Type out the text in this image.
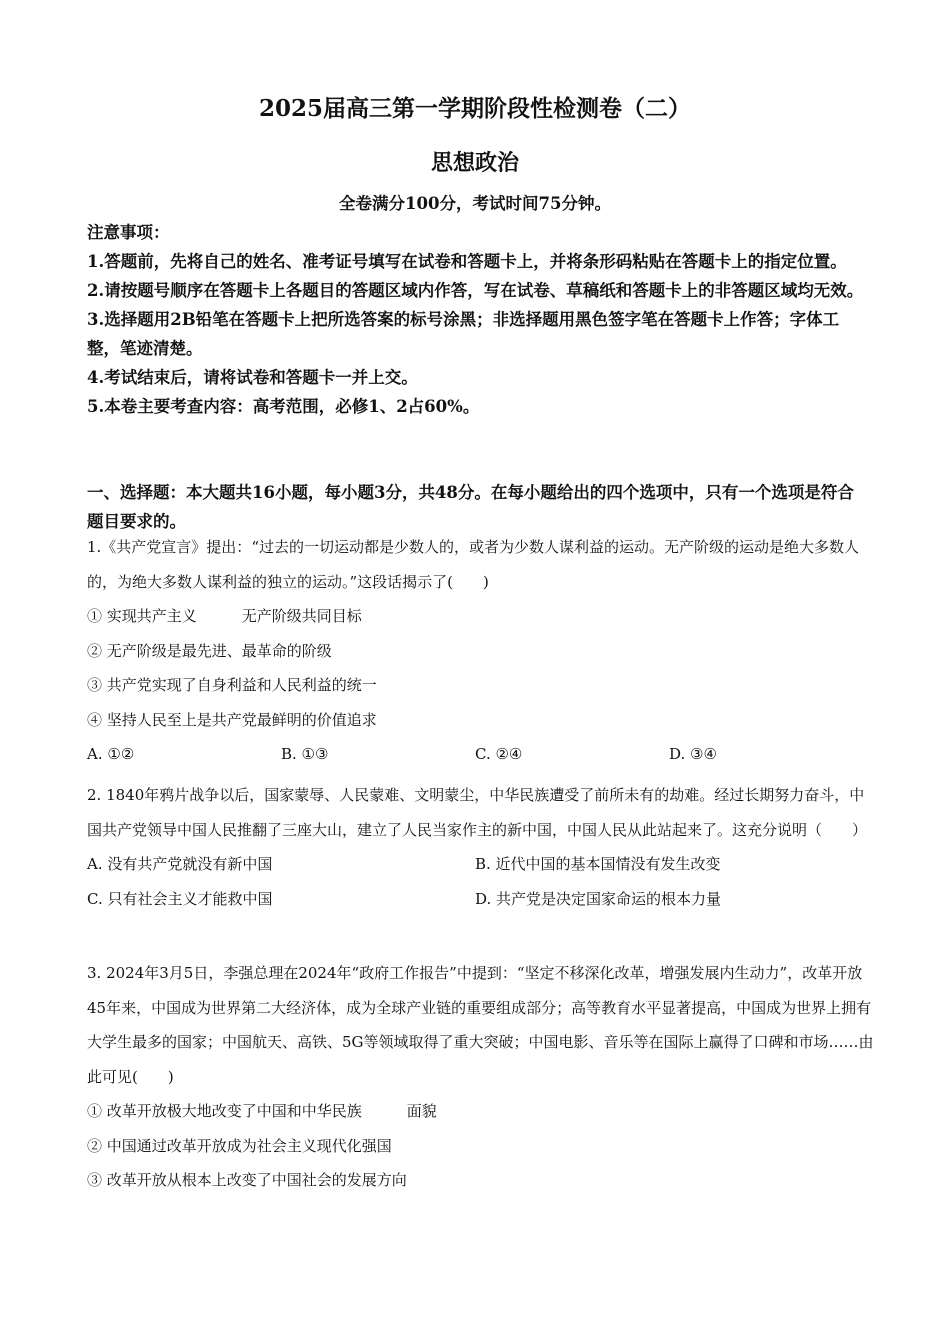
2025届高三第一学期阶段性检测卷（二）
思想政治
全卷满分100分，考试时间75分钟。
注意事项：
1.答题前，先将自己的姓名、准考证号填写在试卷和答题卡上，并将条形码粘贴在答题卡上的指定位置。
2.请按题号顺序在答题卡上各题目的答题区域内作答，写在试卷、草稿纸和答题卡上的非答题区域均无效。
3.选择题用2B铅笔在答题卡上把所选答案的标号涂黑；非选择题用黑色签字笔在答题卡上作答；字体工整，笔迹清楚。
4.考试结束后，请将试卷和答题卡一并上交。
5.本卷主要考查内容：高考范围，必修1、2占60%。
一、选择题：本大题共16小题，每小题3分，共48分。在每小题给出的四个选项中，只有一个选项是符合题目要求的。
1.《共产党宣言》提出：“过去的一切运动都是少数人的，或者为少数人谋利益的运动。无产阶级的运动是绝大多数人的，为绝大多数人谋利益的独立的运动。”这段话揭示了(　　)
① 实现共产主义　　　无产阶级共同目标
② 无产阶级是最先进、最革命的阶级
③ 共产党实现了自身利益和人民利益的统一
④ 坚持人民至上是共产党最鲜明的价值追求
A. ①②	B. ①③	C. ②④	D. ③④
2. 1840年鸦片战争以后，国家蒙辱、人民蒙难、文明蒙尘，中华民族遭受了前所未有的劫难。经过长期努力奋斗，中国共产党领导中国人民推翻了三座大山，建立了人民当家作主的新中国，中国人民从此站起来了。这充分说明（　　）
A. 没有共产党就没有新中国	B. 近代中国的基本国情没有发生改变
C. 只有社会主义才能救中国	D. 共产党是决定国家命运的根本力量
3. 2024年3月5日，李强总理在2024年“政府工作报告”中提到：“坚定不移深化改革，增强发展内生动力”，改革开放45年来，中国成为世界第二大经济体，成为全球产业链的重要组成部分；高等教育水平显著提高，中国成为世界上拥有大学生最多的国家；中国航天、高铁、5G等领域取得了重大突破；中国电影、音乐等在国际上赢得了口碑和市场……由此可见(　　)
① 改革开放极大地改变了中国和中华民族　　　面貌
② 中国通过改革开放成为社会主义现代化强国
③ 改革开放从根本上改变了中国社会的发展方向
